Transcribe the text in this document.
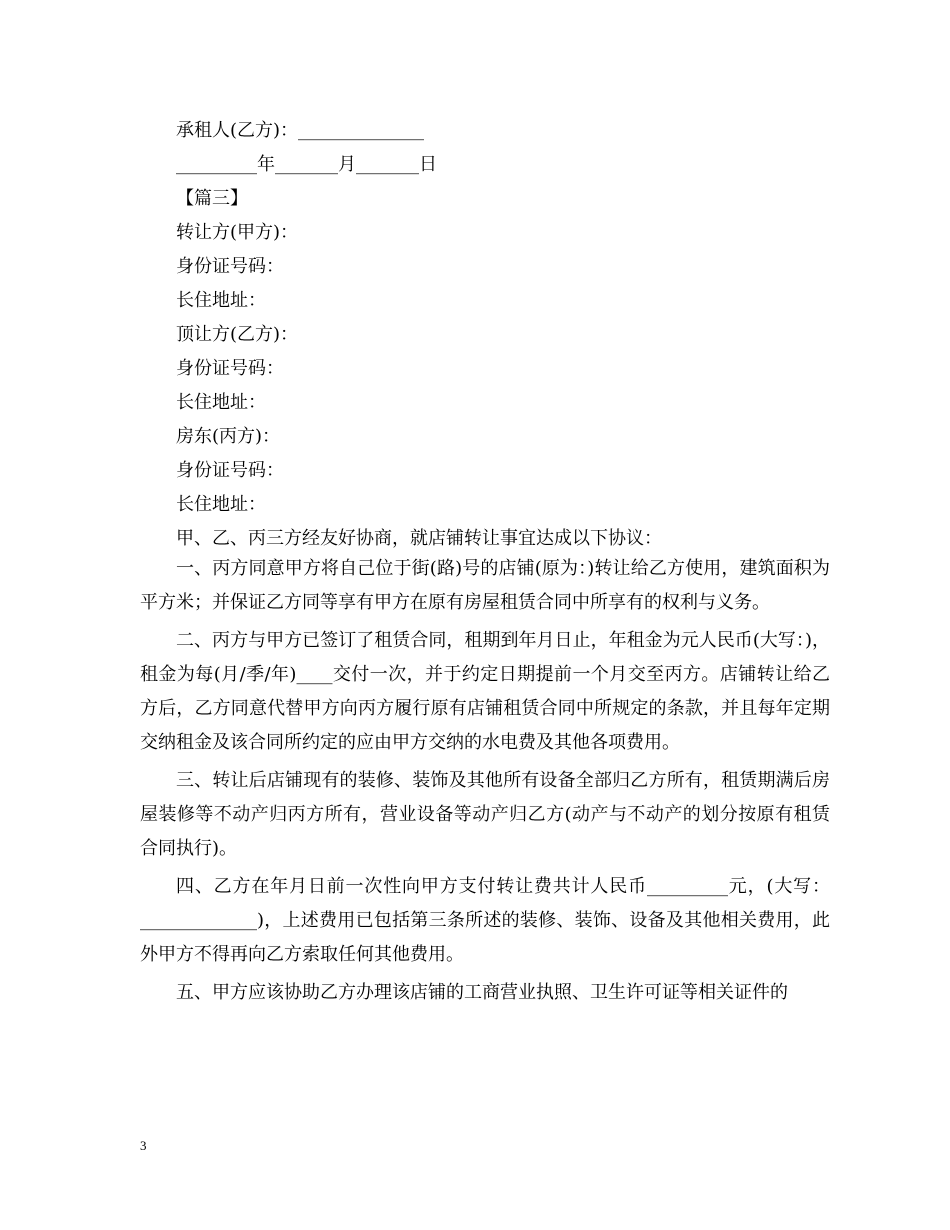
承租人(乙方)：______________
_________年_______月_______日
【篇三】
转让方(甲方)：
身份证号码：
长住地址：
顶让方(乙方)：
身份证号码：
长住地址：
房东(丙方)：
身份证号码：
长住地址：
甲、乙、丙三方经友好协商，就店铺转让事宜达成以下协议：

一、丙方同意甲方将自己位于街(路)号的店铺(原为：)转让给乙方使用，建筑面积为平方米；并保证乙方同等享有甲方在原有房屋租赁合同中所享有的权利与义务。

二、丙方与甲方已签订了租赁合同，租期到年月日止，年租金为元人民币(大写：)，租金为每(月/季/年)____交付一次，并于约定日期提前一个月交至丙方。店铺转让给乙方后，乙方同意代替甲方向丙方履行原有店铺租赁合同中所规定的条款，并且每年定期交纳租金及该合同所约定的应由甲方交纳的水电费及其他各项费用。

三、转让后店铺现有的装修、装饰及其他所有设备全部归乙方所有，租赁期满后房屋装修等不动产归丙方所有，营业设备等动产归乙方(动产与不动产的划分按原有租赁合同执行)。

四、乙方在年月日前一次性向甲方支付转让费共计人民币_________元，(大写：_____________)，上述费用已包括第三条所述的装修、装饰、设备及其他相关费用，此外甲方不得再向乙方索取任何其他费用。

五、甲方应该协助乙方办理该店铺的工商营业执照、卫生许可证等相关证件的

3
